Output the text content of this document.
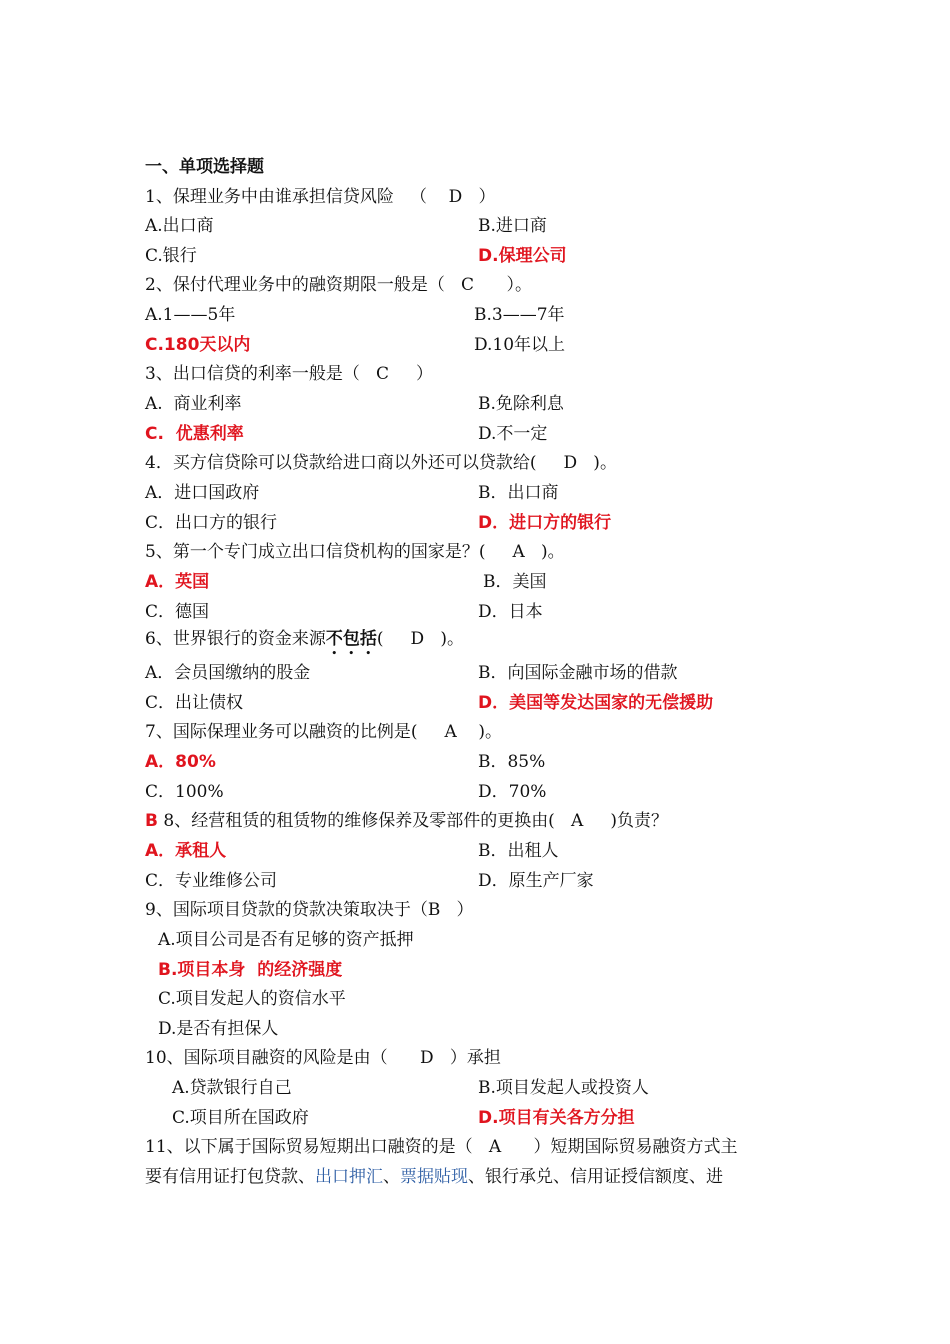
一、单项选择题
1、保理业务中由谁承担信贷风险   （    D   ）
A.出口商	B.进口商
C.银行	D.保理公司
2、保付代理业务中的融资期限一般是（   C      ）。
A.1——5年	B.3——7年
C.180天以内	D.10年以上
3、出口信贷的利率一般是（   C     ）
A.  商业利率	B.免除利息
C.  优惠利率	D.不一定
4．买方信贷除可以贷款给进口商以外还可以贷款给(     D   )。
A．进口国政府	B．出口商
C．出口方的银行	D．进口方的银行
5、第一个专门成立出口信贷机构的国家是？(     A   )。
A．英国	B．美国
C．德国	D．日本
6、世界银行的资金来源不包括(     D   )。
A．会员国缴纳的股金	B．向国际金融市场的借款
C．出让债权	D．美国等发达国家的无偿援助
7、国际保理业务可以融资的比例是(     A    )。
A．80%	B．85%
C．100%	D．70%
B 8、经营租赁的租赁物的维修保养及零部件的更换由(   A     )负责？
A．承租人	B．出租人
C．专业维修公司	D．原生产厂家
9、国际项目贷款的贷款决策取决于（B   ）
A.项目公司是否有足够的资产抵押
B.项目本身  的经济强度
C.项目发起人的资信水平
D.是否有担保人
10、国际项目融资的风险是由（      D   ）承担
A.贷款银行自己	B.项目发起人或投资人
C.项目所在国政府	D.项目有关各方分担
11、以下属于国际贸易短期出口融资的是（   A      ）短期国际贸易融资方式主
要有信用证打包贷款、出口押汇、票据贴现、银行承兑、信用证授信额度、进
